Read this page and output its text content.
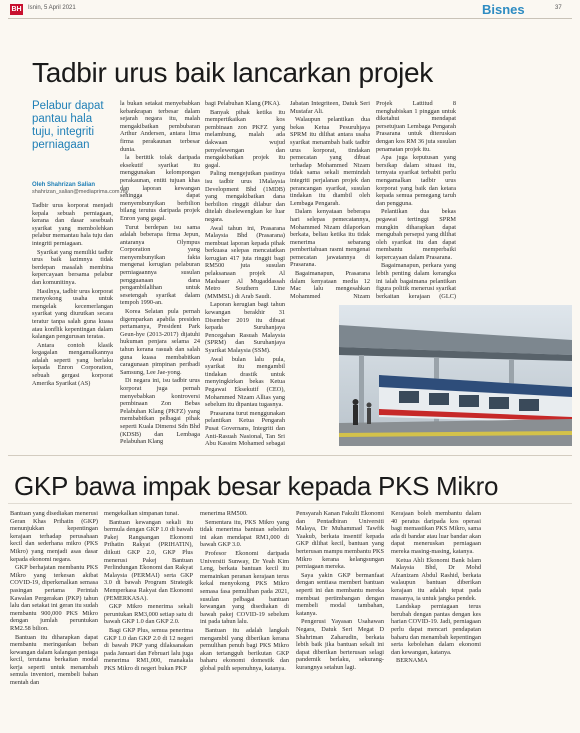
BH Isnin, 5 April 2021	Bisnes	37
Tadbir urus baik lancarkan projek
Pelabur dapat pantau hala tuju, integriti perniagaan
Oleh Shahrizan Salian
shahrizan_salian@mediaprima.com.my

Tadbir urus korporat menjadi kepala sebuah perniagaan, kerana dan dasar sesebuah syarikat yang membolehkan pelabur memantau hala tuju dan integriti perniagaan.

Syarikat yang memiliki tadbir urus baik lazimnya tidak berdepan masalah membina kepercayaan bersama pelabur dan komunitinya.

Hasilnya, tadbir urus korporat menyokong usaha untuk mengelak kecemerlangan syarikat yang diurutkan secara teratur tanpa salah guna kuasa atau konflik kepentingan dalam kalangan pengurusan teratas.

Antara contoh klasik kegagalan mengamalkannya adalah seperti yang berlaku kepada Enron Corporation, sebuah gergasi korporat Amerika Syarikat (AS)

la bukan setakat menyebabkan kebankrapan terbesar dalam sejarah negara itu, malah mengakibatkan pembubaran Arthur Andersen, antara lima firma perakaunan terbesar dunia.

la bertitik tolak daripada eksekutif syarikat itu menggunakan kelompongan perakaunan, entiti tujuan khas dan laporan kewangan sehingga dapat menyembunyikan berbilion bilang terutus daripada projek Enron yang gagal.

Turut berdepan isu sama adalah beberapa firma Jepun, antaranya Olympus Corporation yang menyembunyikan fakta mengenai kerugian pelaburan perniagaannya susulan pengguanaan dana pengambilalihan untuk sesetengah syarikat dalam tempoh 1990-an.

Korea Selatan pula pernah digemparkan apabila presiden pertamanya, President Park Geun-hye (2013-2017) dijatuhi hukuman penjara selama 24 tahun kerana rasuah dan salah guna kuasa membabitkan caragunaan pimpinan peribadi Samsung, Lee Jae-yong.

Di negara ini, isu tadbir urus korporat juga pernah menyebabkan kontroversi pembinaan Zon Bebas Pelabuhan Klang (PKFZ) yang membabitkan pelbagai pihak seperti Kuala Dimensi Sdn Bhd (KDSB) dan Lembaga Pelabuhan Klang

bagi Pelabuhan Klang (PKA).

Banyak pihak ketika itu mempertikaikan kos pembinaan zon PKFZ yang melambung, malah ada dakwaan wujud penyelewengan dan mengakibatkan projek itu gagal.

Paling mengejutkan pastinya isu tadbir urus 1Malaysia Development Bhd (1MDB) yang mengakibatkan dana berbilion ringgit dilabur dan ditelah diselewengkan ke luar negara.

Awal tahun ini, Prasarana Malaysia Bhd (Prasarana) membuat laporan kepada pihak berkuasa selepas mencatatkan kerugian 417 juta ringgit bagi RM500 juta susulan pelaksanaan projek Al Mashaaer Al Mugaddassah Metro Southern Line (MMMSL) di Arab Saudi.

Laporan kerugian bagi tahun kewangan berakhir 31 Disember 2019 itu dibuat kepada Suruhanjaya Pencegahan Rasuah Malaysia (SPRM) dan Suruhanjaya Syarikat Malaysia (SSM).

Awal bulan lalu pula, syarikat itu mengambil tindakan drastik untuk menyingkirkan bekas Ketua Pegawai Eksekutif (CEO), Mohammed Nizam Allias yang sebelum itu dipantau tugasnya.

Prasarana turut menggunakan pelantikan Ketua Pengarah Pusat Governans, Integriti dan Anti-Rasuah Nasional, Tan Sri Abu Kassim Mohamed sebagai

Jabatan Integriteen, Datuk Seri Mustafar Ali.

Walaupun pelantikan dua bekas Ketua Pesuruhjaya SPRM itu dilihat antara usaha syarikat menambah baik tadbir urus korporat, tindakan pemecatan yang dibuat terhadap Mohammed Nizam tidak sama sekali memindah integriti perjalanan projek dan perancangan syarikat, susulan tindakan itu diambil oleh Lembaga Pengarah.

Dalam kenyataan beberapa hari selepas pemecatannya, Mohammed Nizam dilaporkan berkata, beliau ketika itu tidak menerima sebarang pemberitahuan rasmi mengenai pemecatan jawatannya di Prasarana.

Bagaimanapun, Prasarana dalam kenyataan media 12 Mac lalu mengesahkan Mohammed Nizam

Projek Lattitud 8 menghabiskan 1 pinggan untuk diketahui mendapat persetujuan Lembaga Pengarah Prasarana untuk diteruskan dengan kos RM 36 juta susulan penamatan projek itu.

Apa juga keputusan yang bersikap dalam situasi itu, ternyata syarikat terbabit perlu mengamalkan tadbir urus korporat yang baik dan ketara kepada semua pemegang taruh dan pengguna.

Pelantikan dua bekas pegawai tertinggi SPRM mungkin diharapkan dapat mengubah persepsi yang dilihat oleh syarikat itu dan dapat membantu memperbaiki kepercayaan dalam Prasarana.

Bagaimanapun, perkara yang lebih penting dalam kerangka ini ialah bagaimana pelantikan figura politik menerusi syarikat berkaitan kerajaan (GLC)

GKP bawa impak besar kepada PKS Mikro

Bantuan yang disediakan menerusi Geran Khas Prihatin (GKP) menunjukkan kepentingan kerajaan terhadap perusahaan kecil dan sederhana mikro (PKS Mikro) yang menjadi asas dasar kepada ekonomi negara.

GKP berhajatan membantu PKS Mikro yang terkesan akibat COVID-19, diperkenalkan semasa pasingan pertama Perintah Kawalan Pergerakan (PKP) tahun lalu dan setakat ini geran itu sudah membantu 900,000 PKS Mikro dengan jumlah peruntukan RM2.58 bilion.

Bantuan itu diharapkan dapat membantu meringankan beban kewangan dalam kalangan peniaga kecil, terutama berkaitan modal kerja seperti untuk menambah semula inventori, membeli bahan mentah dan

mengekalkan simpanan tunai.

Bantuan kewangan sekali itu bermula dengan GKP 1.0 di bawah Pakej Rangsangan Ekonomi Prihatin Rakyat (PRIHATIN), diikuti GKP 2.0, GKP Plus menerusi Pakej Bantuan Perlindungan Ekonomi dan Rakyat Malaysia (PERMAI) serta GKP 3.0 di bawah Program Strategik Memperkasa Rakyat dan Ekonomi (PEMERKASA).

GKP Mikro menerima sekali peruntukan RM3,000 setiap satu di bawah GKP 1.0 dan GKP 2.0.

Bagi GKP Plus, semua penerima GKP 1.0 dan GKP 2.0 di 12 negeri di bawah PKP yang dilaksanakan pada Januari dan Februari lalu juga menerima RM1,000, manakala PKS Mikro di negeri bukan PKP

menerima RM500.

Sementara itu, PKS Mikro yang tidak menerima bantuan sebelum ini akan mendapat RM1,000 di bawah GKP 3.0.

Profesor Ekonomi daripada Universiti Sunway, Dr Yeah Kim Leng, berkata bantuan kecil itu memainkan peranan kerajaan terus kekal menyokong PKS Mikro semasa fasa pemulihan pada 2021, susulan pelbagai bantuan kewangan yang disediakan di bawah pakej COVID-19 sebelum ini pada tahun lalu.

Bantuan itu adalah langkah mengambil yang diberikan kerana pemulihan penuh bagi PKS Mikro akan tertangguh berikutan GKP baharu ekonomi domestik dan global pulih sepenuhnya, katanya.

Pensyarah Kanan Fakulti Ekonomi dan Pentadbiran Universiti Malaya, Dr Muhammad Tawfik Yaakub, berkata insentif kepada GKP dilihat kecil, bantuan yang berterusan mampu membantu PKS Mikro kerana kelangsungan perniagaan mereka.

Saya yakin GKP bermanfaat dengan sentiasa memberi bantuan seperti ini dan membantu mereka membuat pertimbangan dengan membeli modal tambahan, katanya.

Pengerusi Yayasan Usahawan Negara, Datuk Seri Megat D Shahriman Zaharudin, berkata lebih baik jika bantuan sekali ini dapat diberikan berterusan selagi pandemik berlaku, sekurang-kurangnya setahun lagi.

Kerajaan boleh membantu dalam 40 peratus daripada kos operasi bagi memastikan PKS Mikro, sama ada di bandar atau luar bandar akan dapat meneruskan perniagaan mereka masing-masing, katanya.

Ketua Ahli Ekonomi Bank Islam Malaysia Bhd, Dr Mohd Afzanizam Abdul Rashid, berkata walaupun bantuan diberikan kerajaan itu adalah tepat pada masanya, ia untuk jangka pendek.

Landskap perniagaan terus berubah dengan pantas dengan kes harian COVID-19. Jadi, perniagaan perlu dapat mencari pendapatan baharu dan menambah kepentingan serta kebolehan dalam ekonomi dan kewangan, katanya.

BERNAMA
